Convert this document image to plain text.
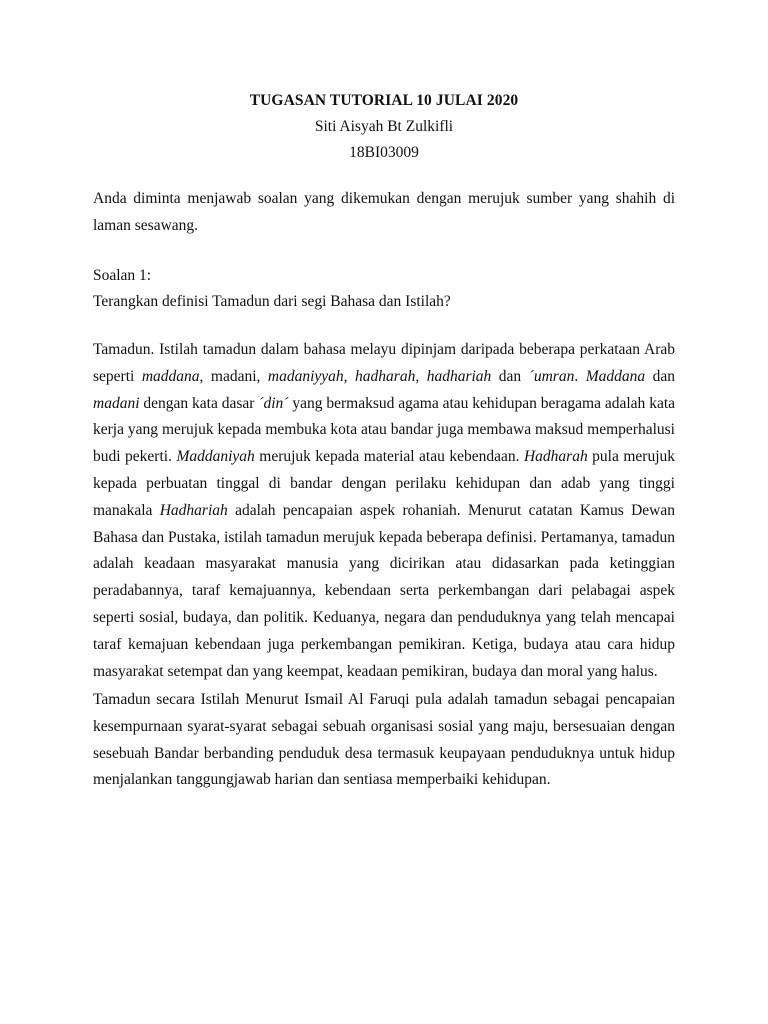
TUGASAN TUTORIAL 10 JULAI 2020
Siti Aisyah Bt Zulkifli
18BI03009
Anda diminta menjawab soalan yang dikemukan dengan merujuk sumber yang shahih di laman sesawang.
Soalan 1:
Terangkan definisi Tamadun dari segi Bahasa dan Istilah?
Tamadun. Istilah tamadun dalam bahasa melayu dipinjam daripada beberapa perkataan Arab seperti maddana, madani, madaniyyah, hadharah, hadhariah dan ´umran. Maddana dan madani dengan kata dasar ´din´ yang bermaksud agama atau kehidupan beragama adalah kata kerja yang merujuk kepada membuka kota atau bandar juga membawa maksud memperhalusi budi pekerti. Maddaniyah merujuk kepada material atau kebendaan. Hadharah pula merujuk kepada perbuatan tinggal di bandar dengan perilaku kehidupan dan adab yang tinggi manakala Hadhariah adalah pencapaian aspek rohaniah. Menurut catatan Kamus Dewan Bahasa dan Pustaka, istilah tamadun merujuk kepada beberapa definisi. Pertamanya, tamadun adalah keadaan masyarakat manusia yang dicirikan atau didasarkan pada ketinggian peradabannya, taraf kemajuannya, kebendaan serta perkembangan dari pelabagai aspek seperti sosial, budaya, dan politik. Keduanya, negara dan penduduknya yang telah mencapai taraf kemajuan kebendaan juga perkembangan pemikiran. Ketiga, budaya atau cara hidup masyarakat setempat dan yang keempat, keadaan pemikiran, budaya dan moral yang halus.
Tamadun secara Istilah Menurut Ismail Al Faruqi pula adalah tamadun sebagai pencapaian kesempurnaan syarat-syarat sebagai sebuah organisasi sosial yang maju, bersesuaian dengan sesebuah Bandar berbanding penduduk desa termasuk keupayaan penduduknya untuk hidup menjalankan tanggungjawab harian dan sentiasa memperbaiki kehidupan.
